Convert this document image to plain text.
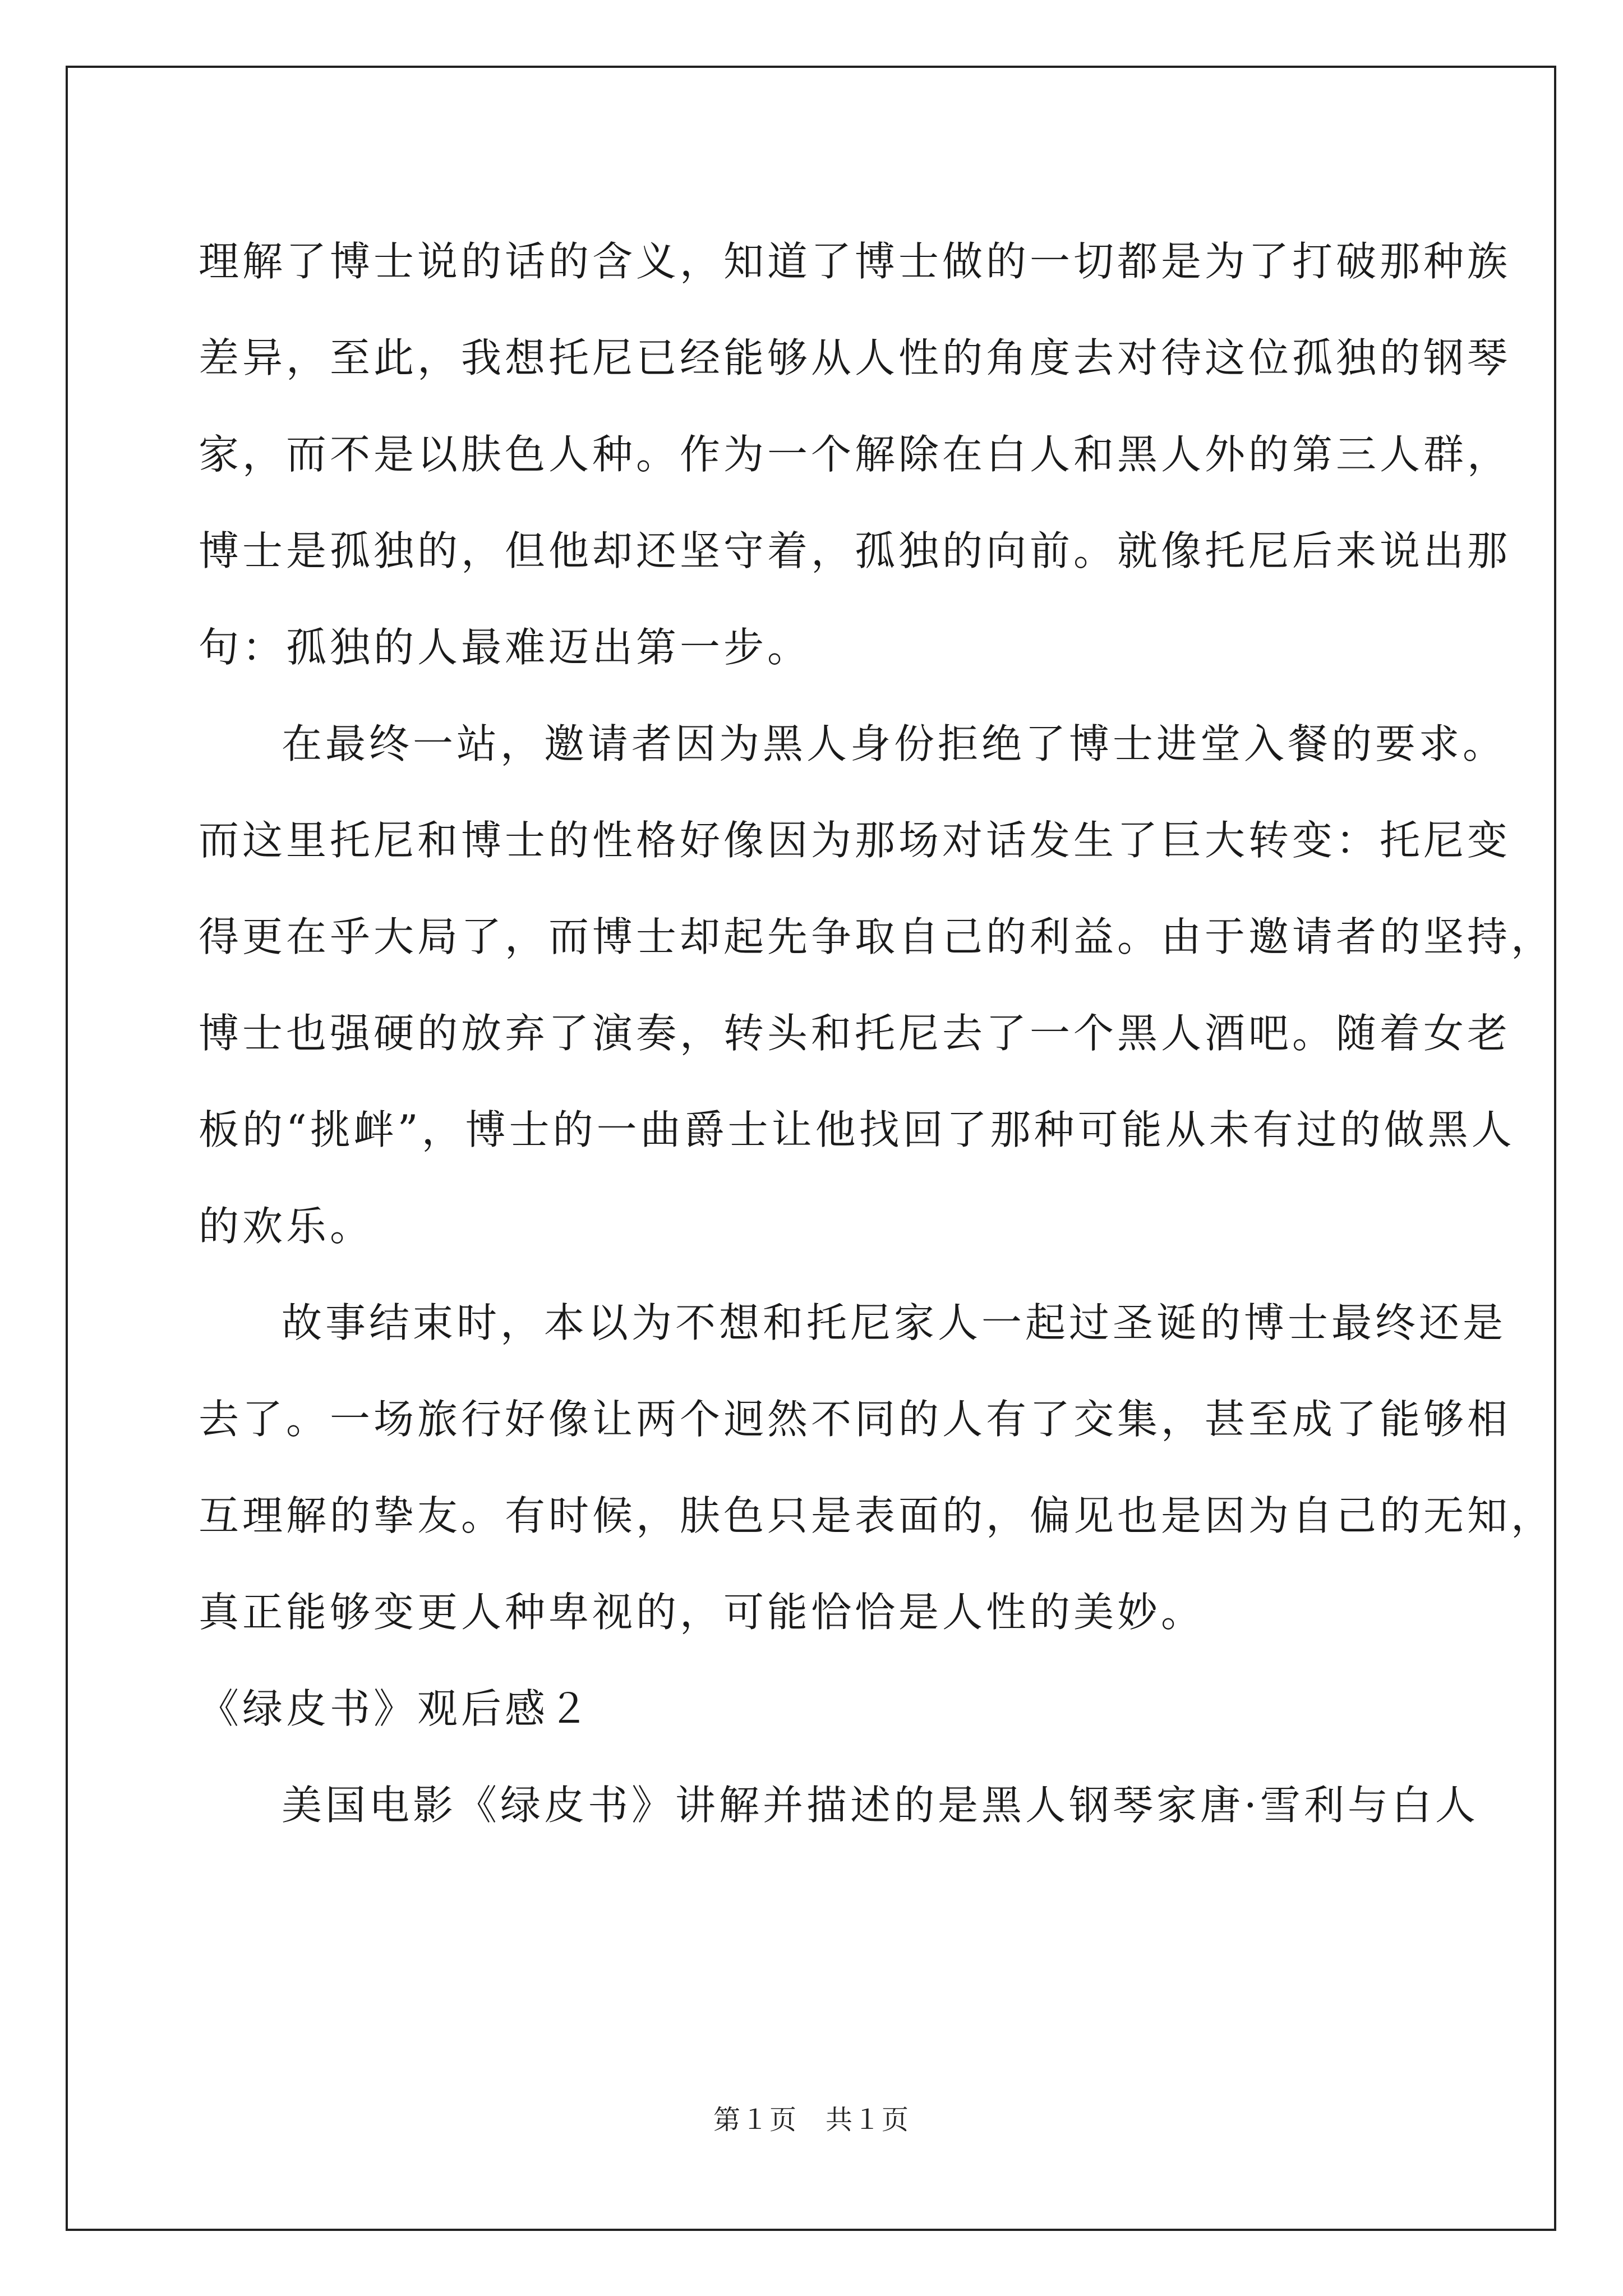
理解了博士说的话的含义，知道了博士做的一切都是为了打破那种族
差异，至此，我想托尼已经能够从人性的角度去对待这位孤独的钢琴
家，而不是以肤色人种。作为一个解除在白人和黑人外的第三人群，
博士是孤独的，但他却还坚守着，孤独的向前。就像托尼后来说出那
句：孤独的人最难迈出第一步。
在最终一站，邀请者因为黑人身份拒绝了博士进堂入餐的要求。
而这里托尼和博士的性格好像因为那场对话发生了巨大转变：托尼变
得更在乎大局了，而博士却起先争取自己的利益。由于邀请者的坚持，
博士也强硬的放弃了演奏，转头和托尼去了一个黑人酒吧。随着女老
板的“挑衅”，博士的一曲爵士让他找回了那种可能从未有过的做黑人
的欢乐。
故事结束时，本以为不想和托尼家人一起过圣诞的博士最终还是
去了。一场旅行好像让两个迥然不同的人有了交集，甚至成了能够相
互理解的挚友。有时候，肤色只是表面的，偏见也是因为自己的无知，
真正能够变更人种卑视的，可能恰恰是人性的美妙。
《绿皮书》观后感２
美国电影《绿皮书》讲解并描述的是黑人钢琴家唐·雪利与白人
第１页　共１页
